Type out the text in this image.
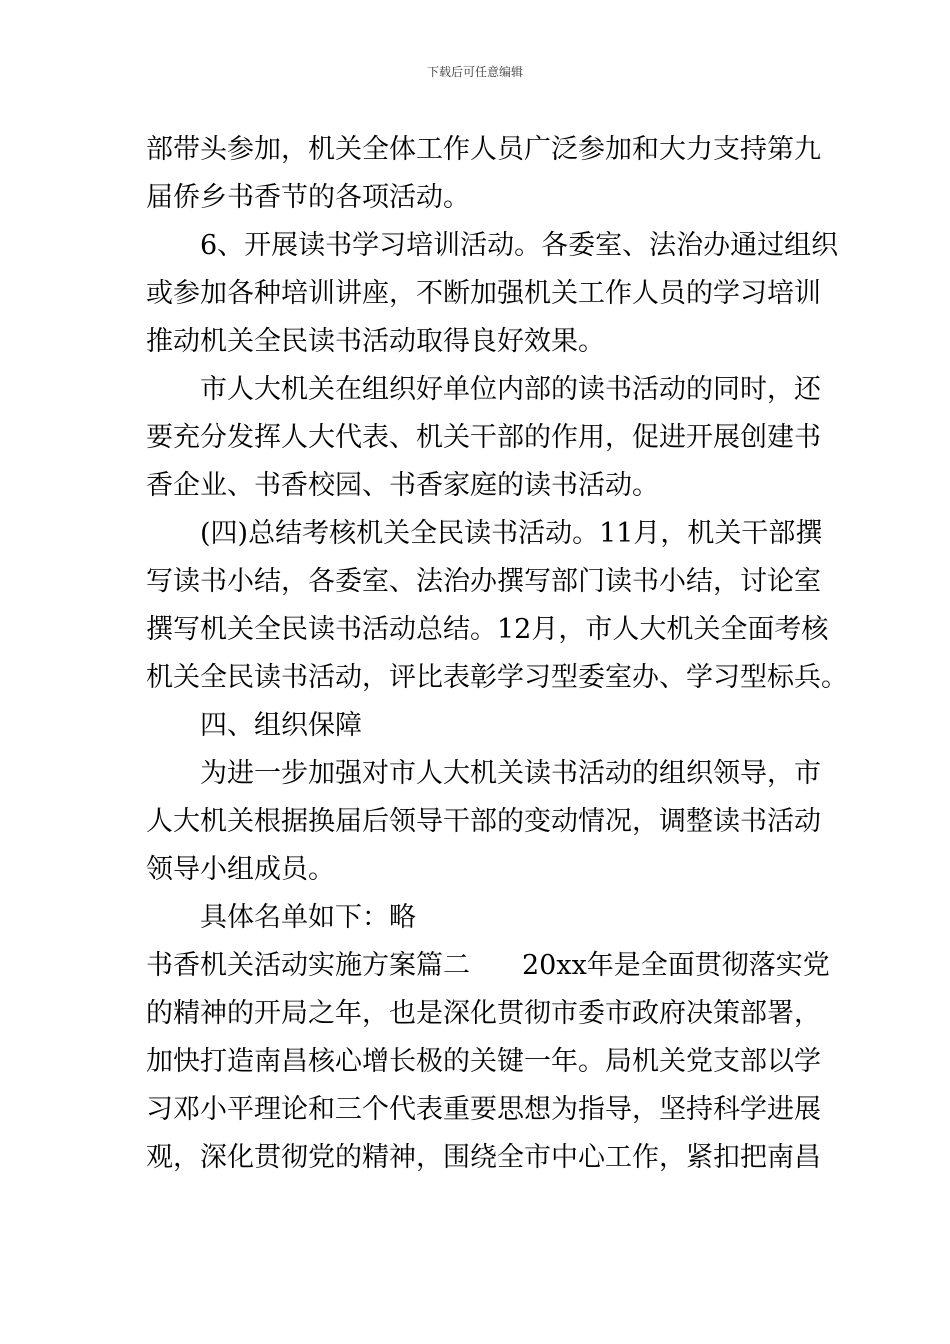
下载后可任意编辑
部带头参加，机关全体工作人员广泛参加和大力支持第九
届侨乡书香节的各项活动。
6、开展读书学习培训活动。各委室、法治办通过组织
或参加各种培训讲座，不断加强机关工作人员的学习培训
推动机关全民读书活动取得良好效果。
市人大机关在组织好单位内部的读书活动的同时，还
要充分发挥人大代表、机关干部的作用，促进开展创建书
香企业、书香校园、书香家庭的读书活动。
(四)总结考核机关全民读书活动。11月，机关干部撰
写读书小结，各委室、法治办撰写部门读书小结，讨论室
撰写机关全民读书活动总结。12月，市人大机关全面考核
机关全民读书活动，评比表彰学习型委室办、学习型标兵。
四、组织保障
为进一步加强对市人大机关读书活动的组织领导，市
人大机关根据换届后领导干部的变动情况，调整读书活动
领导小组成员。
具体名单如下：略
书香机关活动实施方案篇二 20xx年是全面贯彻落实党
的精神的开局之年，也是深化贯彻市委市政府决策部署，
加快打造南昌核心增长极的关键一年。局机关党支部以学
习邓小平理论和三个代表重要思想为指导，坚持科学进展
观，深化贯彻党的精神，围绕全市中心工作，紧扣把南昌
